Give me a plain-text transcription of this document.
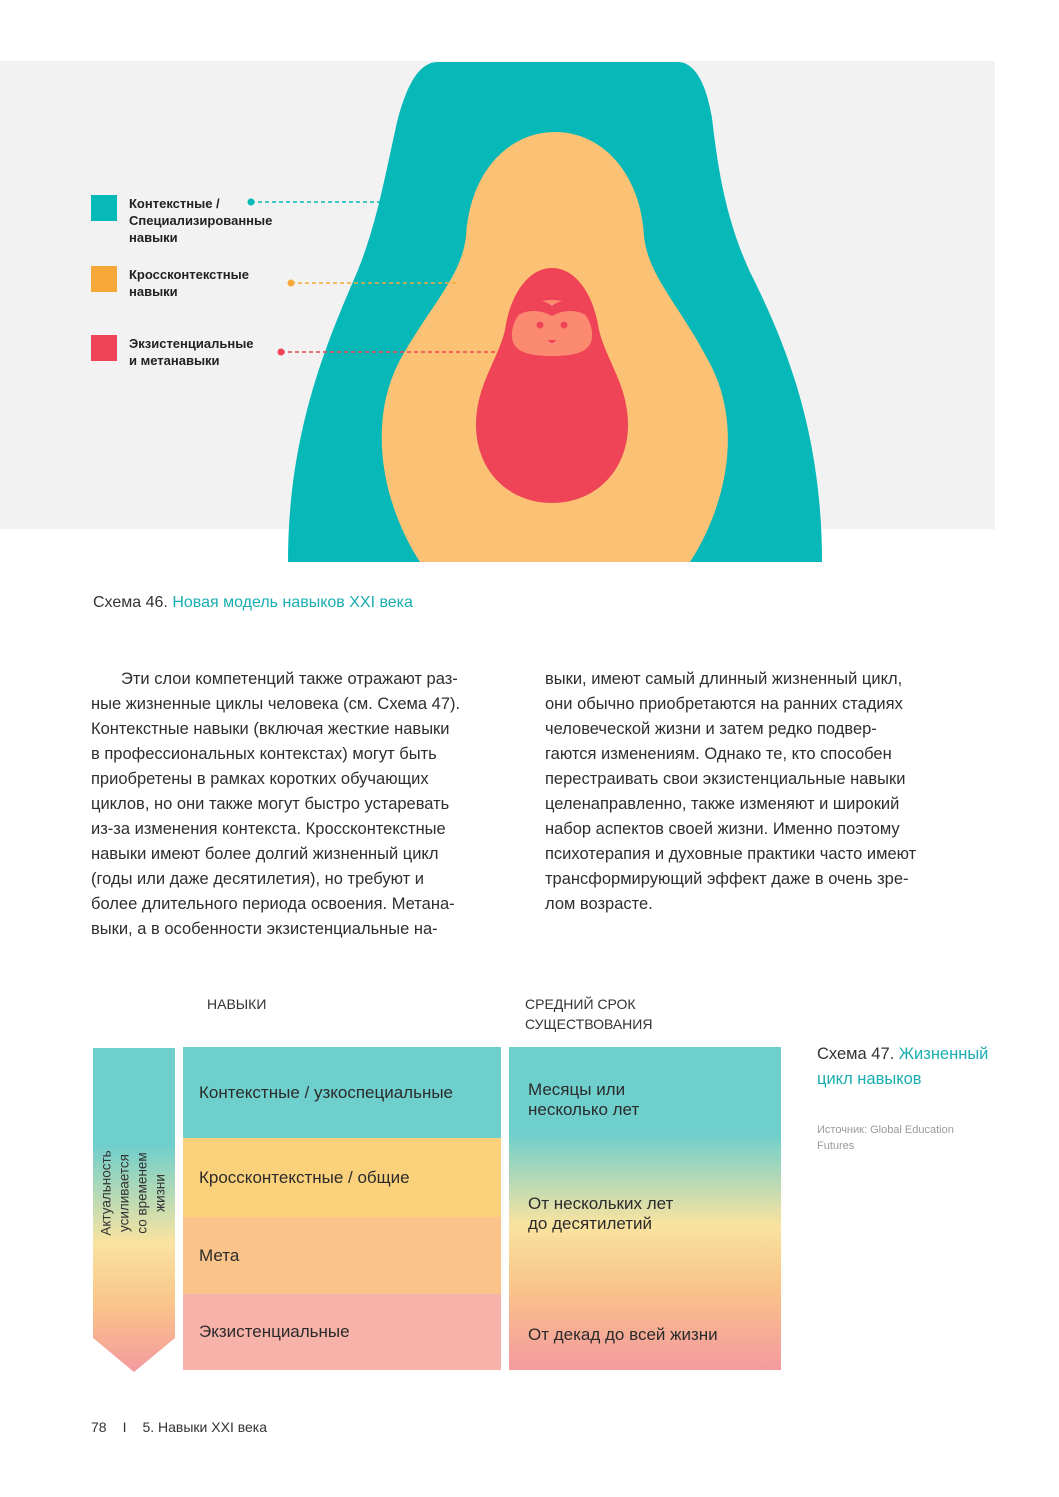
Контекстные /
Специализированные
навыки
Кроссконтекстные
навыки
Экзистенциальные
и метанавыки
Схема 46. Новая модель навыков XXI века

Эти слои компетенций также отражают раз-
ные жизненные циклы человека (см. Схема 47).
Контекстные навыки (включая жесткие навыки
в профессиональных контекстах) могут быть
приобретены в рамках коротких обучающих
циклов, но они также могут быстро устаревать
из-за изменения контекста. Кроссконтекстные
навыки имеют более долгий жизненный цикл
(годы или даже десятилетия), но требуют и
более длительного периода освоения. Метана-
выки, а в особенности экзистенциальные на-

выки, имеют самый длинный жизненный цикл,
они обычно приобретаются на ранних стадиях
человеческой жизни и затем редко подвер-
гаются изменениям. Однако те, кто способен
перестраивать свои экзистенциальные навыки
целенаправленно, также изменяют и широкий
набор аспектов своей жизни. Именно поэтому
психотерапия и духовные практики часто имеют
трансформирующий эффект даже в очень зре-
лом возрасте.

НАВЫКИ	СРЕДНИЙ СРОК
СУЩЕСТВОВАНИЯ
Актуальность усиливается
со временем жизни
Контекстные / узкоспециальные
Кроссконтекстные / общие
Мета
Экзистенциальные
Месяцы или
несколько лет
От нескольких лет
до десятилетий
От декад до всей жизни
Схема 47. Жизненный
цикл навыков
Источник: Global Education
Futures
78 I 5. Навыки XXI века
